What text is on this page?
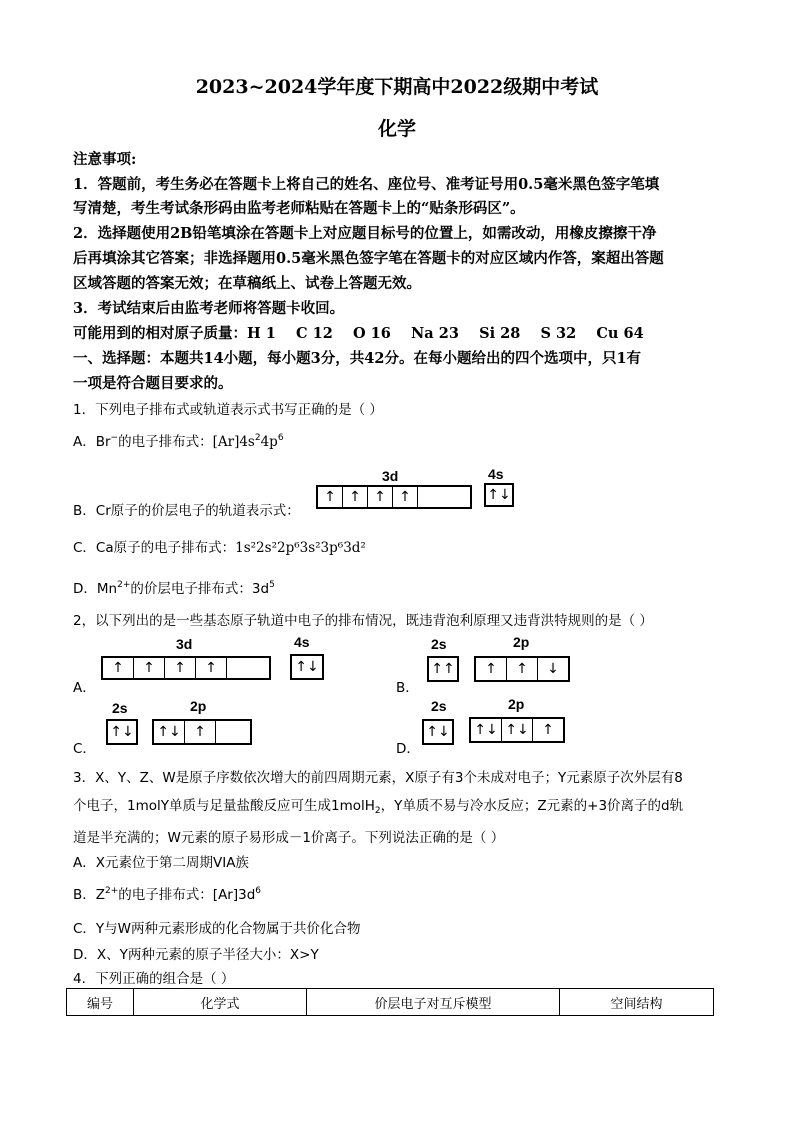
2023~2024学年度下期高中2022级期中考试
化学
注意事项:
1．答题前，考生务必在答题卡上将自己的姓名、座位号、准考证号用0.5毫米黑色签字笔填
写清楚，考生考试条形码由监考老师粘贴在答题卡上的“贴条形码区”。
2．选择题使用2B铅笔填涂在答题卡上对应题目标号的位置上，如需改动，用橡皮擦擦干净
后再填涂其它答案；非选择题用0.5毫米黑色签字笔在答题卡的对应区域内作答，案超出答题
区域答题的答案无效；在草稿纸上、试卷上答题无效。
3．考试结束后由监考老师将答题卡收回。
可能用到的相对原子质量：H 1    C 12    O 16    Na 23    Si 28    S 32    Cu 64
一、选择题：本题共14小题，每小题3分，共42分。在每小题给出的四个选项中，只1有
一项是符合题目要求的。
1．下列电子排布式或轨道表示式书写正确的是（ ）
A．Br−的电子排布式：$[Ar]4s^24p^6$
3d	4s
B．Cr原子的价层电子的轨道表示式：
↑ ↑ ↑ ↑	↑↓
C．Ca原子的电子排布式：1s²2s²2p⁶3s²3p⁶3d²
D．$Mn^{2+}$的价层电子排布式：$3d^5$
2，以下列出的是一些基态原子轨道中电子的排布情况，既违背泡利原理又违背洪特规则的是（ ）
3d	4s
A．
↑	↑	↑	↑	↑↓
2s	2p
B．
↑↑	↑	↑	↓
2s	2p
C．
↑↓ ↑↓ ↑
2s	2p
D．
↑↓ ↑↓ ↑↓ ↑
3．X、Y、Z、W是原子序数依次增大的前四周期元素，X原子有3个未成对电子；Y元素原子次外层有8
个电子，1molY单质与足量盐酸反应可生成1molH$_2$，Y单质不易与冷水反应；Z元素的+3价离子的d轨
道是半充满的；W元素的原子易形成－1价离子。下列说法正确的是（ ）
A．X元素位于第二周期VIA族
B．$Z^{2+}$的电子排布式：$[Ar]3d^6$
C．Y与W两种元素形成的化合物属于共价化合物
D．X、Y两种元素的原子半径大小：X>Y
4．下列正确的组合是（ ）
编号	化学式	价层电子对互斥模型	空间结构
